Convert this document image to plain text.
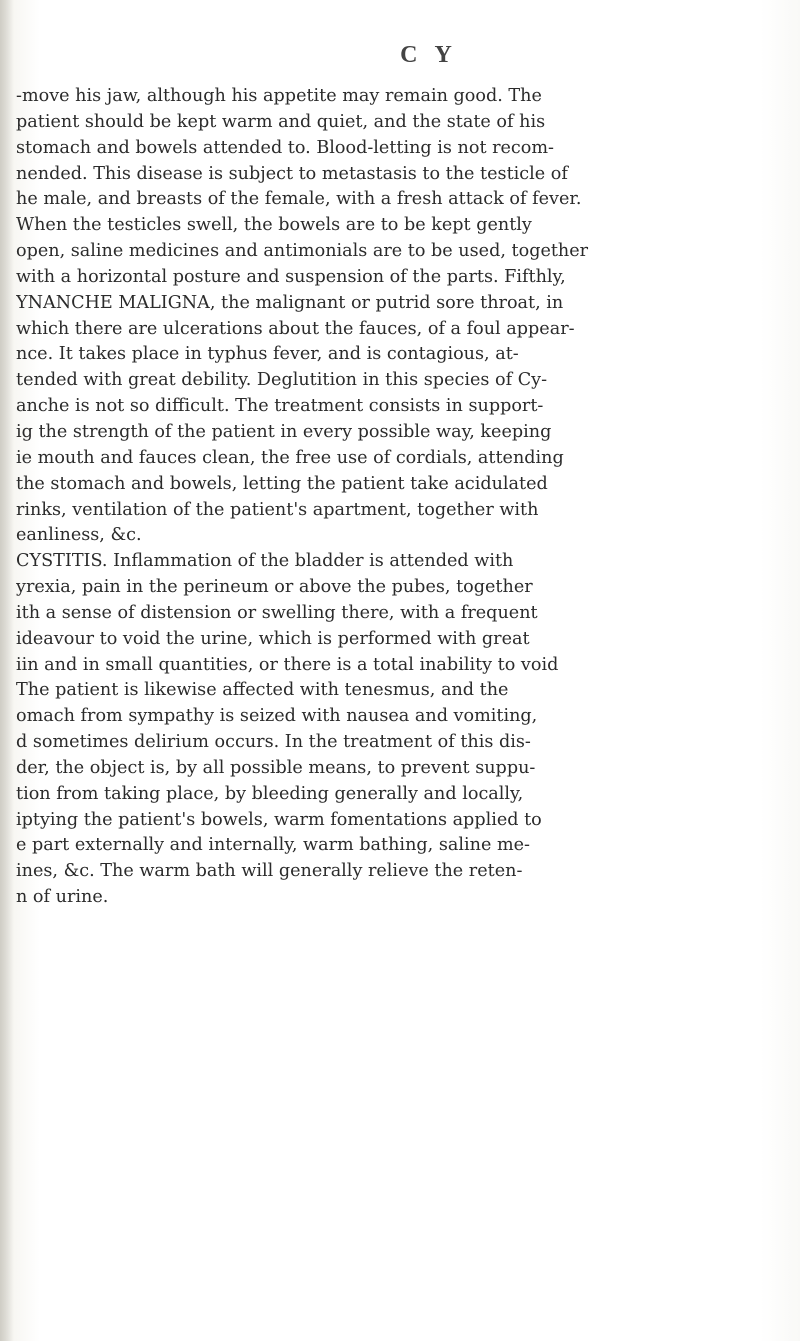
C Y

-move his jaw, although his appetite may remain good. The

patient should be kept warm and quiet, and the state of his

stomach and bowels attended to. Blood-letting is not recom-

nended. This disease is subject to metastasis to the testicle of

he male, and breasts of the female, with a fresh attack of fever.

When the testicles swell, the bowels are to be kept gently

open, saline medicines and antimonials are to be used, together

with a horizontal posture and suspension of the parts. Fifthly,

YNANCHE MALIGNA, the malignant or putrid sore throat, in

which there are ulcerations about the fauces, of a foul appear-

nce. It takes place in typhus fever, and is contagious, at-

tended with great debility. Deglutition in this species of Cy-

anche is not so difficult. The treatment consists in support-

ig the strength of the patient in every possible way, keeping

ie mouth and fauces clean, the free use of cordials, attending

the stomach and bowels, letting the patient take acidulated

rinks, ventilation of the patient's apartment, together with

eanliness, &c.

CYSTITIS. Inflammation of the bladder is attended with

yrexia, pain in the perineum or above the pubes, together

ith a sense of distension or swelling there, with a frequent

ideavour to void the urine, which is performed with great

iin and in small quantities, or there is a total inability to void

The patient is likewise affected with tenesmus, and the

omach from sympathy is seized with nausea and vomiting,

d sometimes delirium occurs. In the treatment of this dis-

der, the object is, by all possible means, to prevent suppu-

tion from taking place, by bleeding generally and locally,

iptying the patient's bowels, warm fomentations applied to

e part externally and internally, warm bathing, saline me-

ines, &c. The warm bath will generally relieve the reten-

n of urine.
